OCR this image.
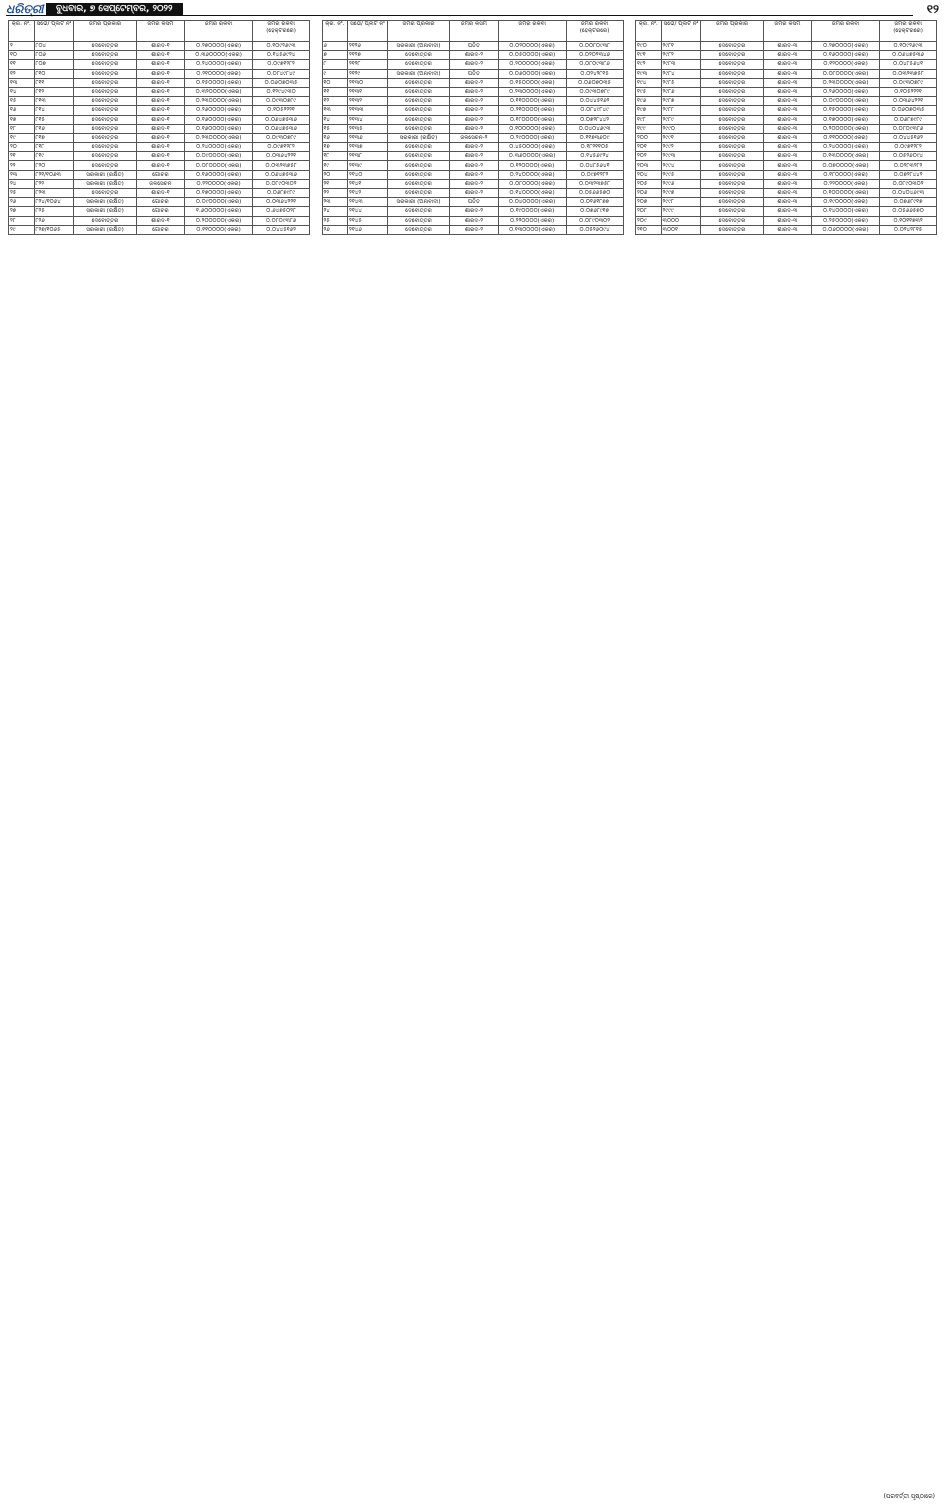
ଧରିତ୍ରୀ	ବୁଧବାର, ୭ ସେପ୍ଟେମ୍ବର, ୨୦୨୨	୧୨
କ୍ର. ନଂ.	ସର୍ଭେ/ ପ୍ଲଟ ନଂ	ଜମିର ପ୍ରକାର	ଜମିର କିସମ	ଜମିର ରକବା	ଜମିର ରକବା (ହେକ୍ଟରରେ)
୨	୮୦୪	ଦେବୋତ୍ତର	ଶାରଦ-୧	୦.୨୭୦୦୦୦(ଏକର)	୦.୧୦୯୨୬୯୩
୧୦	୮୦୬	ଦେବୋତ୍ତର	ଶାରଦ-୧	୦.୩୬୦୦୦୦(ଏକର)	୦.୧୪୫୬୯୨୪
୧୧	୮୦୭	ଦେବୋତ୍ତର	ଶାରଦ-୧	୦.୨୪୦୦୦୦(ଏକର)	୦.୦୯୭୧୨୮୨
୧୨	୮୧୦	ଦେବୋତ୍ତର	ଶାରଦ-୧	୦.୨୧୦୦୦୦(ଏକର)	୦.୦୮୪୯୮୪୯
୧୩	୮୧୧	ଦେବୋତ୍ତର	ଶାରଦ-୧	୦.୧୫୦୦୦୦(ଏକର)	୦.୦୬୦୭୦୩୫
୧୪	୮୧୨	ଦେବୋତ୍ତର	ଶାରଦ-୧	୦.୩୨୦୦୦୦(ଏକର)	୦.୧୨୯୪୯୩୦
୧୫	୮୧୩	ଦେବୋତ୍ତର	ଶାରଦ-୧	୦.୨୩୦୦୦୦(ଏକର)	୦.୦୯୩୦୭୮୯
୧୬	୮୧୪	ଦେବୋତ୍ତର	ଶାରଦ-୧	୦.୨୬୦୦୦୦(ଏକର)	୦.୧୦୫୨୨୨୧
୧୭	୮୧୫	ଦେବୋତ୍ତର	ଶାରଦ-୧	୦.୧୬୦୦୦୦(ଏକର)	୦.୦୬୪୭୫୩୬
୧୮	୮୧୬	ଦେବୋତ୍ତର	ଶାରଦ-୧	୦.୧୬୦୦୦୦(ଏକର)	୦.୦୬୪୭୫୩୬
୧୯	୮୧୭	ଦେବୋତ୍ତର	ଶାରଦ-୧	୦.୨୩୦୦୦୦(ଏକର)	୦.୦୯୩୦୭୮୯
୨୦	୮୧୮	ଦେବୋତ୍ତର	ଶାରଦ-୧	୦.୨୪୦୦୦୦(ଏକର)	୦.୦୯୭୧୨୮୨
୨୧	୮୧୯	ଦେବୋତ୍ତର	ଶାରଦ-୧	୦.୦୯୦୦୦୦(ଏକର)	୦.୦୩୬୪୨୨୧
୨୨	୮୨୦	ଦେବୋତ୍ତର	ଶାରଦ-୧	୦.୦୮୦୦୦୦(ଏକର)	୦.୦୩୨୩୭୫୮
୨୩	୮୨୧/୧୦୬୩	ସରକାରୀ (ରକ୍ଷିତ)	ଗୋଚର	୦.୧୬୦୦୦୦(ଏକର)	୦.୦୬୪୭୫୩୬
୨୪	୮୨୨	ସରକାରୀ (ରକ୍ଷିତ)	ଜଳସେଚନ	୦.୨୨୦୦୦୦(ଏକର)	୦.୦୮୯୦୩୦୨
୨୫	୮୨୩	ଦେବୋତ୍ତର	ଶାରଦ-୧	୦.୧୭୦୦୦୦(ଏକର)	୦.୦୬୮୭୯୮୯
୨୬	୮୨୪/୧୦୬୪	ସରକାରୀ (ରକ୍ଷିତ)	ଗୋଚର	୦.୦୯୦୦୦୦(ଏକର)	୦.୦୩୬୪୨୨୧
୨୭	୮୨୫	ସରକାରୀ (ରକ୍ଷିତ)	ଗୋଚର	୧.୬୦୦୦୦୦(ଏକର)	୦.୬୪୭୫୦୨୮
୨୮	୮୨୬	ଦେବୋତ୍ତର	ଶାରଦ-୧	୦.୨୦୦୦୦୦(ଏକର)	୦.୦୮୦୯୩୮୬
୨୯	୮୨୭/୧୦୬୫	ସରକାରୀ (ରକ୍ଷିତ)	ଗୋଚର	୦.୧୧୦୦୦୦(ଏକର)	୦.୦୪୪୫୧୬୨
କ୍ର. ନଂ.	ସର୍ଭେ/ ପ୍ଲଟ ନଂ	ଜମିର ପ୍ରକାର	ଜମିର କିସମ	ଜମିର ରକବା	ଜମିର ରକବା (ହେକ୍ଟରରେ)
୬	୨୧୨୬	ସରକାରୀ (ଅନାବାଦୀ)	ପତିତ	୦.୦୨୦୦୦୦(ଏକର)	୦.୦୦୮୦୯୩୮
୭	୨୧୨୭	ଦେବୋତ୍ତର	ଶାରଦ-୨	୦.୦୫୦୦୦୦(ଏକର)	୦.୦୨୦୨୩୪୬
୮	୨୧୨୮	ଦେବୋତ୍ତର	ଶାରଦ-୨	୦.୨୦୦୦୦୦(ଏକର)	୦.୦୮୦୯୩୮୬
୯	୨୧୨୯	ସରକାରୀ (ଅନାବାଦୀ)	ପତିତ	୦.୦୬୦୦୦୦(ଏକର)	୦.୦୨୪୨୮୧୫
୧୦	୨୧୩୦	ଦେବୋତ୍ତର	ଶାରଦ-୨	୦.୧୫୦୦୦୦(ଏକର)	୦.୦୬୦୭୦୩୫
୧୧	୨୧୩୧	ଦେବୋତ୍ତର	ଶାରଦ-୨	୦.୨୩୦୦୦୦(ଏକର)	୦.୦୯୩୦୭୮୯
୧୨	୨୧୩୨	ଦେବୋତ୍ତର	ଶାରଦ-୨	୦.୧୧୦୦୦୦(ଏକର)	୦.୦୪୪୫୧୬୨
୧୩	୨୧୩୩	ଦେବୋତ୍ତର	ଶାରଦ-୨	୦.୨୧୦୦୦୦(ଏକର)	୦.୦୮୪୯୮୪୯
୧୪	୨୧୩୪	ଦେବୋତ୍ତର	ଶାରଦ-୨	୦.୧୮୦୦୦୦(ଏକର)	୦.୦୭୨୮୪୪୨
୧୫	୨୧୩୫	ଦେବୋତ୍ତର	ଶାରଦ-୨	୦.୧୦୦୦୦୦(ଏକର)	୦.୦୪୦୪୬୯୩
୧୬	୨୧୩୬	ସରକାରୀ (ରକ୍ଷିତ)	ଜଳସେଚନ-୨	୦.୨୯୦୦୦୦(ଏକର)	୦.୧୧୭୩୬୦୯
୧୭	୨୧୩୭	ଦେବୋତ୍ତର	ଶାରଦ-୨	୦.୪୫୦୦୦୦(ଏକର)	୦.୧୮୨୧୧୦୫
୧୮	୨୧୩୮	ଦେବୋତ୍ତର	ଶାରଦ-୨	୦.୩୬୦୦୦୦(ଏକର)	୦.୧୪୫୬୯୨୪
୧୯	୨୧୩୯	ଦେବୋତ୍ତର	ଶାରଦ-୨	୦.୧୨୦୦୦୦(ଏକର)	୦.୦୪୮୫୬୪୧
୨୦	୨୧୪୦	ଦେବୋତ୍ତର	ଶାରଦ-୨	୦.୨୪୦୦୦୦(ଏକର)	୦.୦୯୭୧୨୮୨
୨୧	୨୧୪୧	ଦେବୋତ୍ତର	ଶାରଦ-୨	୦.୦୮୦୦୦୦(ଏକର)	୦.୦୩୨୩୭୫୮
୨୨	୨୧୪୨	ଦେବୋତ୍ତର	ଶାରଦ-୨	୦.୧୪୦୦୦୦(ଏକର)	୦.୦୫୬୬୫୭୦
୨୩	୨୧୪୩	ସରକାରୀ (ଅନାବାଦୀ)	ପତିତ	୦.୦୪୦୦୦୦(ଏକର)	୦.୦୧୬୧୮୭୭
୨୪	୨୧୪୪	ଦେବୋତ୍ତର	ଶାରଦ-୨	୦.୧୯୦୦୦୦(ଏକର)	୦.୦୭୬୮୯୧୭
୨୫	୨୧୪୫	ଦେବୋତ୍ତର	ଶାରଦ-୨	୦.୨୨୦୦୦୦(ଏକର)	୦.୦୮୯୦୩୦୨
୨୬	୨୧୪୬	ଦେବୋତ୍ତର	ଶାରଦ-୨	୦.୧୩୦୦୦୦(ଏକର)	୦.୦୫୨୬୦୯୪
କ୍ର. ନଂ.	ସର୍ଭେ/ ପ୍ଲଟ ନଂ	ଜମିର ପ୍ରକାର	ଜମିର କିସମ	ଜମିର ରକବା	ଜମିର ରକବା (ହେକ୍ଟରରେ)
୧୯୦	୨୯୮୧	ଦେବୋତ୍ତର	ଶାରଦ-୩	୦.୨୭୦୦୦୦(ଏକର)	୦.୧୦୯୨୬୯୩
୧୯୧	୨୯୮୨	ଦେବୋତ୍ତର	ଶାରଦ-୩	୦.୧୬୦୦୦୦(ଏକର)	୦.୦୬୪୭୫୩୬
୧୯୨	୨୯୮୩	ଦେବୋତ୍ତର	ଶାରଦ-୩	୦.୧୨୦୦୦୦(ଏକର)	୦.୦୪୮୫୬୪୧
୧୯୩	୨୯୮୪	ଦେବୋତ୍ତର	ଶାରଦ-୩	୦.୦୮୦୦୦୦(ଏକର)	୦.୦୩୨୩୭୫୮
୧୯୪	୨୯୮୫	ଦେବୋତ୍ତର	ଶାରଦ-୩	୦.୨୩୦୦୦୦(ଏକର)	୦.୦୯୩୦୭୮୯
୧୯୫	୨୯୮୬	ଦେବୋତ୍ତର	ଶାରଦ-୩	୦.୨୬୦୦୦୦(ଏକର)	୦.୧୦୫୨୨୨୧
୧୯୬	୨୯୮୭	ଦେବୋତ୍ତର	ଶାରଦ-୩	୦.୦୯୦୦୦୦(ଏକର)	୦.୦୩୬୪୨୨୧
୧୯୭	୨୯୮୮	ଦେବୋତ୍ତର	ଶାରଦ-୩	୦.୧୫୦୦୦୦(ଏକର)	୦.୦୬୦୭୦୩୫
୧୯୮	୨୯୮୯	ଦେବୋତ୍ତର	ଶାରଦ-୩	୦.୧୭୦୦୦୦(ଏକର)	୦.୦୬୮୭୯୮୯
୧୯୯	୨୯୯୦	ଦେବୋତ୍ତର	ଶାରଦ-୩	୦.୨୦୦୦୦୦(ଏକର)	୦.୦୮୦୯୩୮୬
୨୦୦	୨୯୯୧	ଦେବୋତ୍ତର	ଶାରଦ-୩	୦.୧୧୦୦୦୦(ଏକର)	୦.୦୪୪୫୧୬୨
୨୦୧	୨୯୯୨	ଦେବୋତ୍ତର	ଶାରଦ-୩	୦.୨୪୦୦୦୦(ଏକର)	୦.୦୯୭୧୨୮୨
୨୦୨	୨୯୯୩	ଦେବୋତ୍ତର	ଶାରଦ-୩	୦.୧୩୦୦୦୦(ଏକର)	୦.୦୫୨୬୦୯୪
୨୦୩	୨୯୯୪	ଦେବୋତ୍ତର	ଶାରଦ-୩	୦.୦୭୦୦୦୦(ଏକର)	୦.୦୨୮୩୨୮୨
୨୦୪	୨୯୯୫	ଦେବୋତ୍ତର	ଶାରଦ-୩	୦.୧୮୦୦୦୦(ଏକର)	୦.୦୭୨୮୪୪୨
୨୦୫	୨୯୯୬	ଦେବୋତ୍ତର	ଶାରଦ-୩	୦.୨୨୦୦୦୦(ଏକର)	୦.୦୮୯୦୩୦୨
୨୦୬	୨୯୯୭	ଦେବୋତ୍ତର	ଶାରଦ-୩	୦.୧୦୦୦୦୦(ଏକର)	୦.୦୪୦୪୬୯୩
୨୦୭	୨୯୯୮	ଦେବୋତ୍ତର	ଶାରଦ-୩	୦.୧୯୦୦୦୦(ଏକର)	୦.୦୭୬୮୯୧୭
୨୦୮	୨୯୯୯	ଦେବୋତ୍ତର	ଶାରଦ-୩	୦.୧୪୦୦୦୦(ଏକର)	୦.୦୫୬୬୫୭୦
୨୦୯	୩୦୦୦	ଦେବୋତ୍ତର	ଶାରଦ-୩	୦.୨୫୦୦୦୦(ଏକର)	୦.୧୦୧୧୭୩୨
୨୧୦	୩୦୦୧	ଦେବୋତ୍ତର	ଶାରଦ-୩	୦.୦୬୦୦୦୦(ଏକର)	୦.୦୨୪୨୮୧୫
(ପରବର୍ତ୍ତୀ ପୃଷ୍ଠାରେ)
